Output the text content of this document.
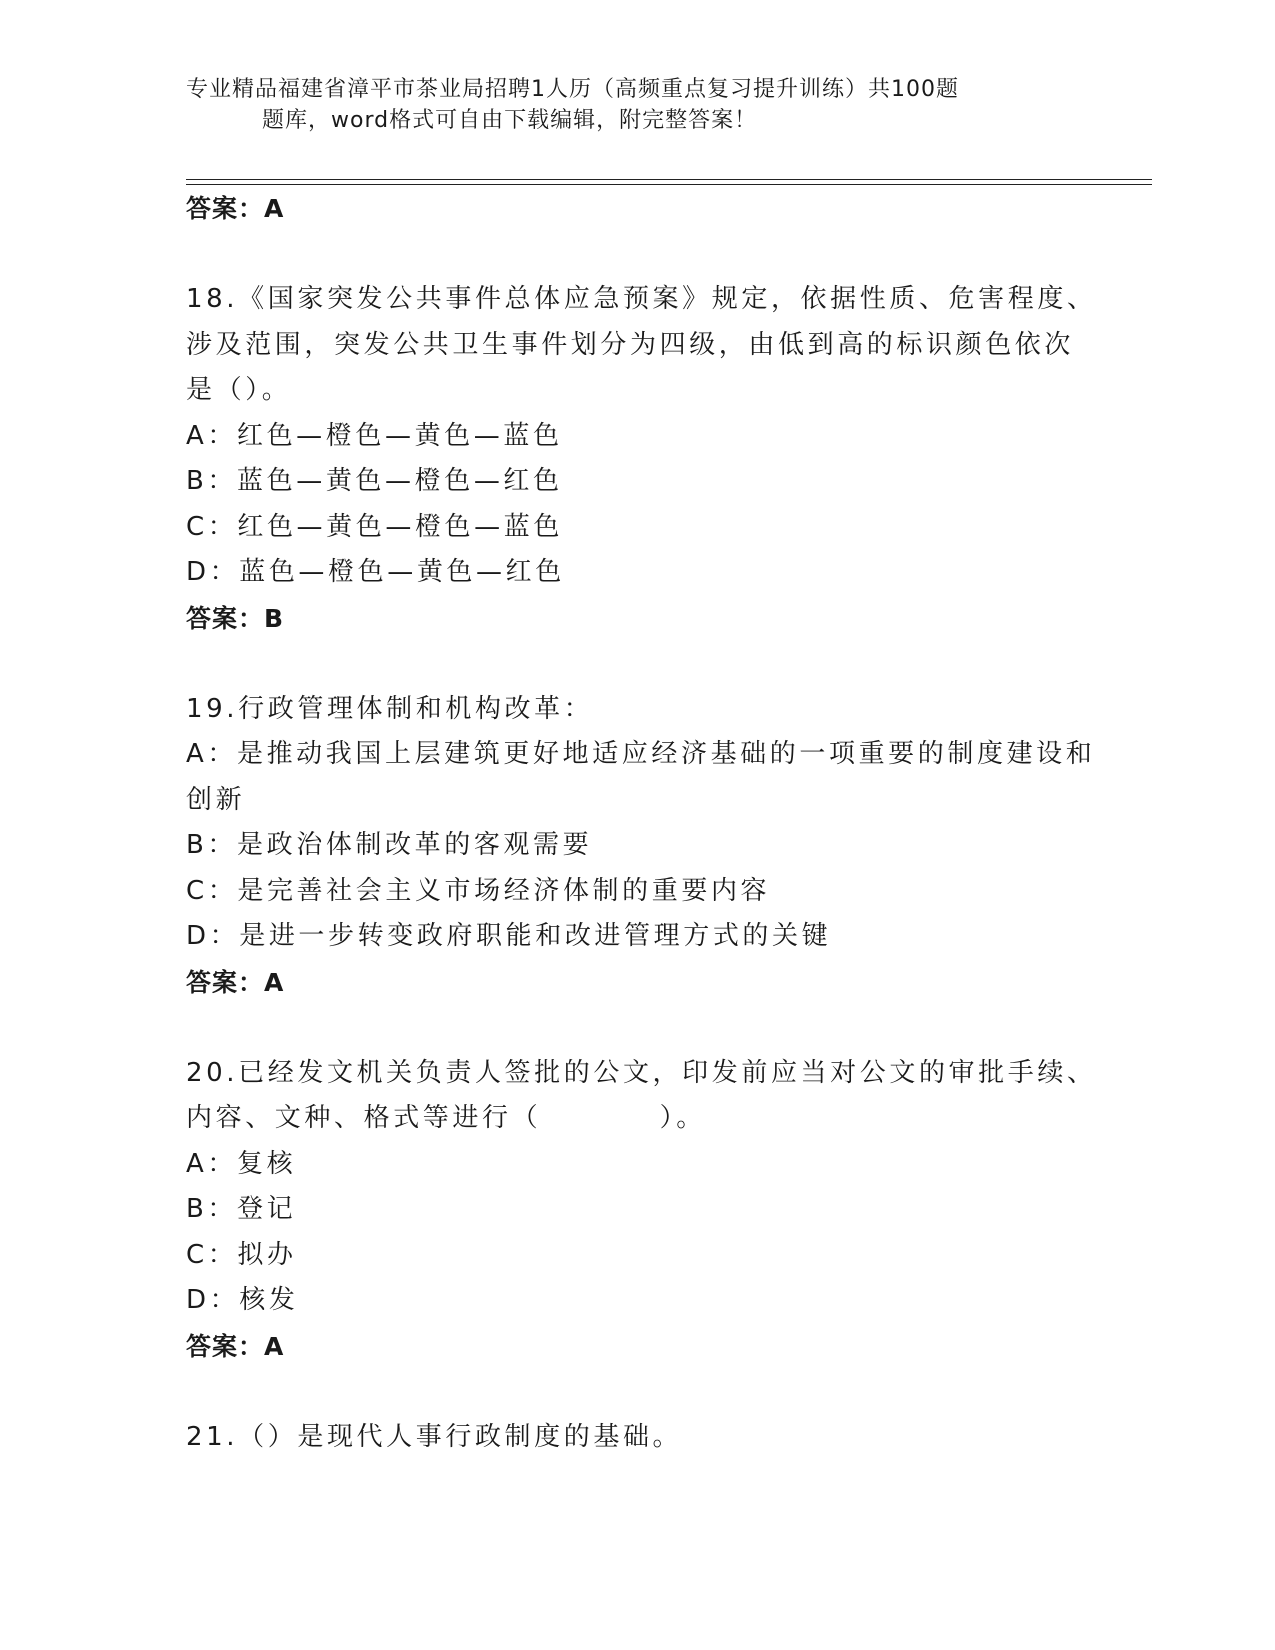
专业精品福建省漳平市茶业局招聘1人历（高频重点复习提升训练）共100题
题库，word格式可自由下载编辑，附完整答案！
答案：A
18.《国家突发公共事件总体应急预案》规定，依据性质、危害程度、
涉及范围，突发公共卫生事件划分为四级，由低到高的标识颜色依次
是（）。
A：红色—橙色—黄色—蓝色
B：蓝色—黄色—橙色—红色
C：红色—黄色—橙色—蓝色
D：蓝色—橙色—黄色—红色
答案：B
19.行政管理体制和机构改革：
A：是推动我国上层建筑更好地适应经济基础的一项重要的制度建设和
创新
B：是政治体制改革的客观需要
C：是完善社会主义市场经济体制的重要内容
D：是进一步转变政府职能和改进管理方式的关键
答案：A
20.已经发文机关负责人签批的公文，印发前应当对公文的审批手续、
内容、文种、格式等进行（　　　　）。
A：复核
B：登记
C：拟办
D：核发
答案：A
21.（）是现代人事行政制度的基础。
